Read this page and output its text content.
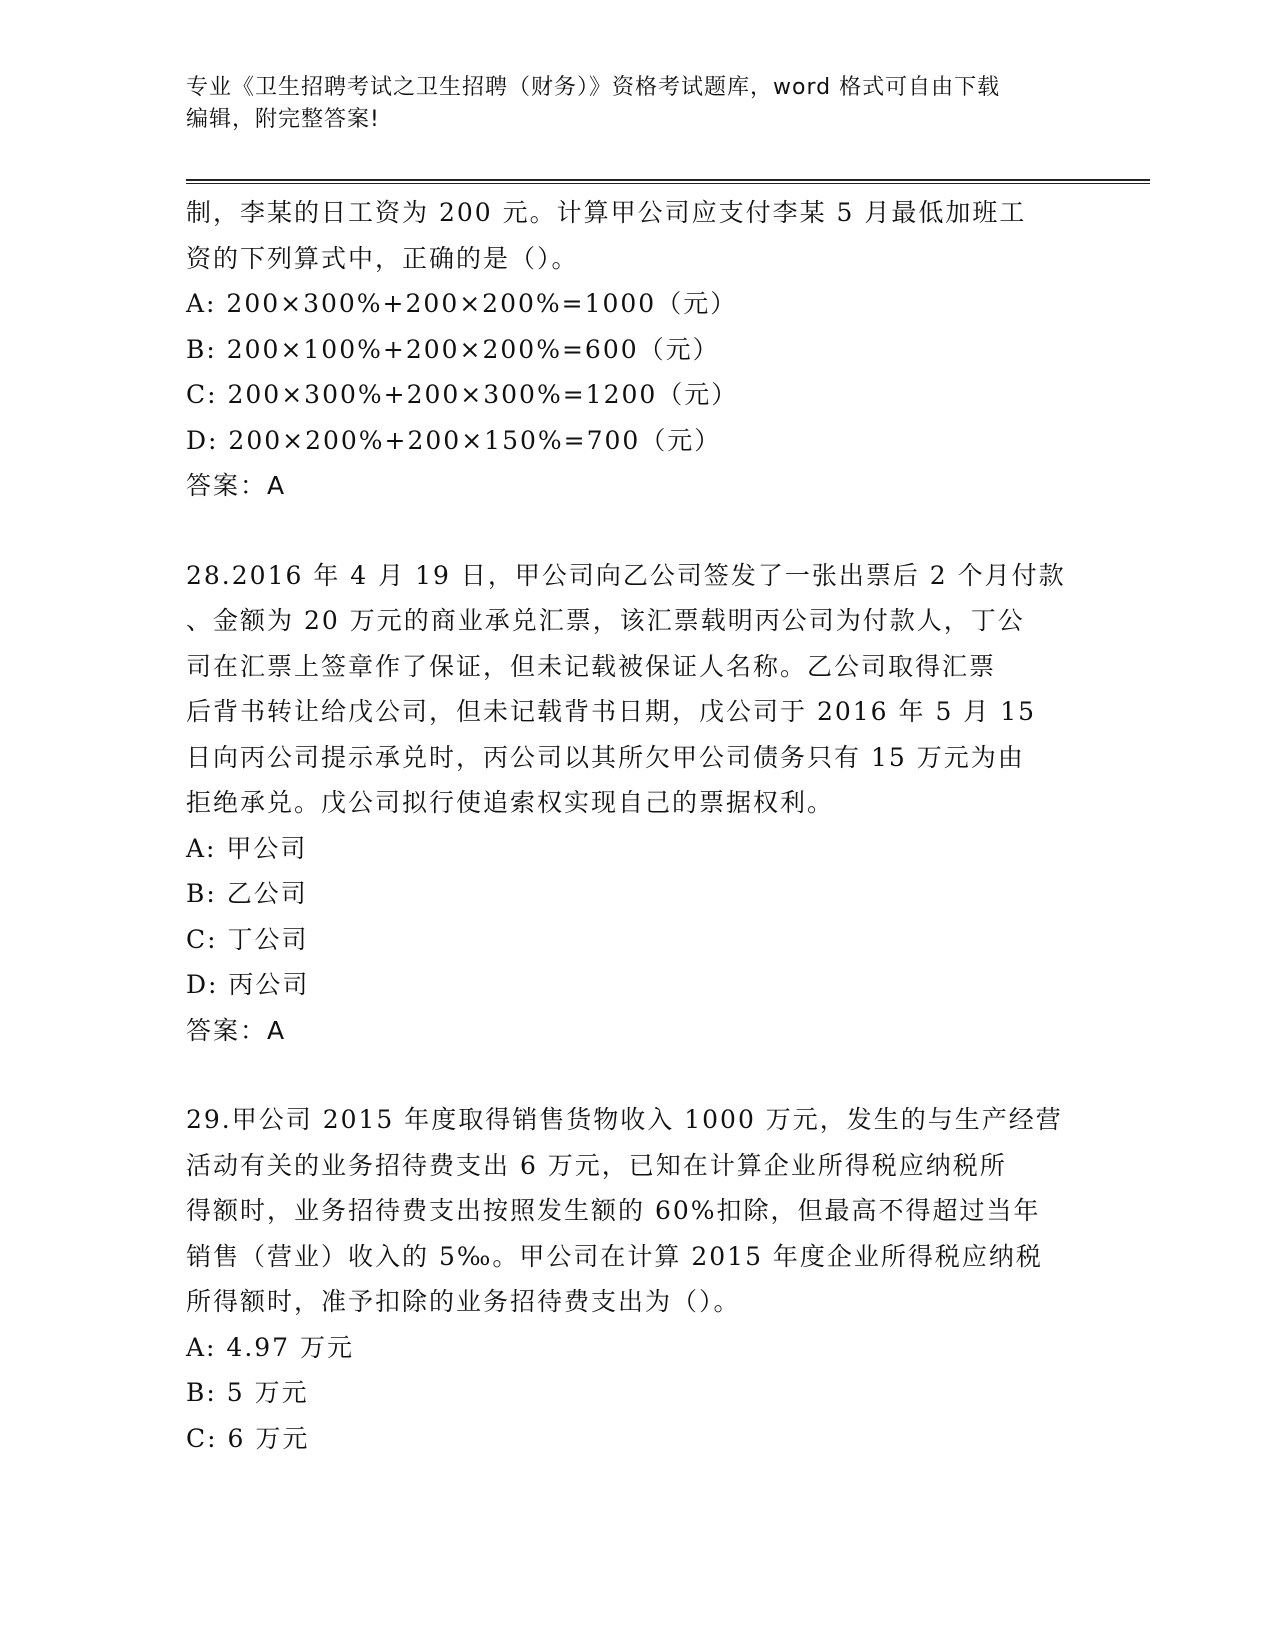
专业《卫生招聘考试之卫生招聘（财务）》资格考试题库，word 格式可自由下载
编辑，附完整答案!

制，李某的日工资为 200 元。计算甲公司应支付李某 5 月最低加班工

资的下列算式中，正确的是（）。

A: 200×300%+200×200%=1000（元）

B: 200×100%+200×200%=600（元）

C: 200×300%+200×300%=1200（元）

D: 200×200%+200×150%=700（元）

答案：A

28.2016 年 4 月 19 日，甲公司向乙公司签发了一张出票后 2 个月付款

、金额为 20 万元的商业承兑汇票，该汇票载明丙公司为付款人，丁公

司在汇票上签章作了保证，但未记载被保证人名称。乙公司取得汇票

后背书转让给戊公司，但未记载背书日期，戊公司于 2016 年 5 月 15

日向丙公司提示承兑时，丙公司以其所欠甲公司债务只有 15 万元为由

拒绝承兑。戊公司拟行使追索权实现自己的票据权利。

A: 甲公司

B: 乙公司

C: 丁公司

D: 丙公司

答案：A

29.甲公司 2015 年度取得销售货物收入 1000 万元，发生的与生产经营

活动有关的业务招待费支出 6 万元，已知在计算企业所得税应纳税所

得额时，业务招待费支出按照发生额的 60%扣除，但最高不得超过当年

销售（营业）收入的 5‰。甲公司在计算 2015 年度企业所得税应纳税

所得额时，准予扣除的业务招待费支出为（）。

A: 4.97 万元

B: 5 万元

C: 6 万元
